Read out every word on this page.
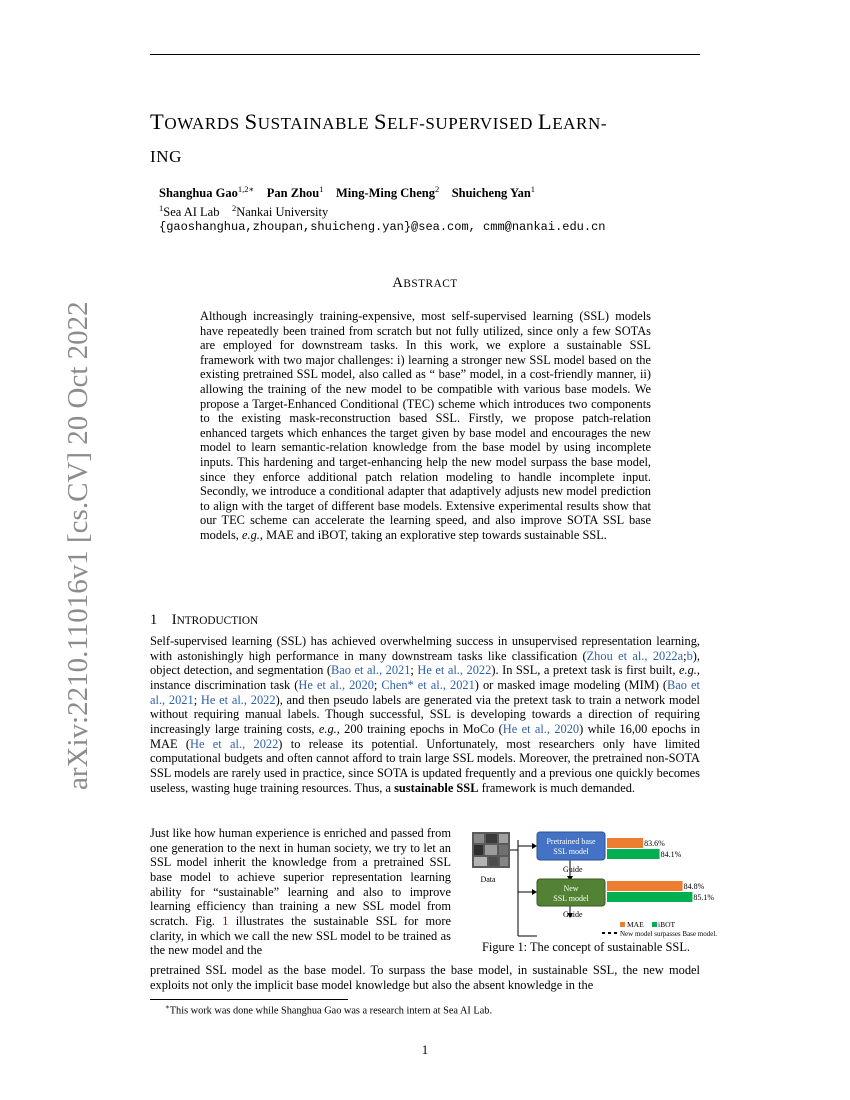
arXiv:2210.11016v1 [cs.CV] 20 Oct 2022
TOWARDS SUSTAINABLE SELF-SUPERVISED LEARN-
ING
Shanghua Gao$^{1,2∗}$ Pan Zhou$^1$ Ming-Ming Cheng$^2$ Shuicheng Yan$^1$
$^1$Sea AI Lab $^2$Nankai University
{gaoshanghua,zhoupan,shuicheng.yan}@sea.com, cmm@nankai.edu.cn
ABSTRACT
Although increasingly training-expensive, most self-supervised learning (SSL) models have repeatedly been trained from scratch but not fully utilized, since only a few SOTAs are employed for downstream tasks. In this work, we explore a sustainable SSL framework with two major challenges: i) learning a stronger new SSL model based on the existing pretrained SSL model, also called as “ base” model, in a cost-friendly manner, ii) allowing the training of the new model to be compatible with various base models. We propose a Target-Enhanced Conditional (TEC) scheme which introduces two components to the existing mask-reconstruction based SSL. Firstly, we propose patch-relation enhanced targets which enhances the target given by base model and encourages the new model to learn semantic-relation knowledge from the base model by using incomplete inputs. This hardening and target-enhancing help the new model surpass the base model, since they enforce additional patch relation modeling to handle incomplete input. Secondly, we introduce a conditional adapter that adaptively adjusts new model prediction to align with the target of different base models. Extensive experimental results show that our TEC scheme can accelerate the learning speed, and also improve SOTA SSL base models, e.g., MAE and iBOT, taking an explorative step towards sustainable SSL.
1 INTRODUCTION
Self-supervised learning (SSL) has achieved overwhelming success in unsupervised representation learning, with astonishingly high performance in many downstream tasks like classification (Zhou et al., 2022a;b), object detection, and segmentation (Bao et al., 2021; He et al., 2022). In SSL, a pretext task is first built, e.g., instance discrimination task (He et al., 2020; Chen* et al., 2021) or masked image modeling (MIM) (Bao et al., 2021; He et al., 2022), and then pseudo labels are generated via the pretext task to train a network model without requiring manual labels. Though successful, SSL is developing towards a direction of requiring increasingly large training costs, e.g., 200 training epochs in MoCo (He et al., 2020) while 16,00 epochs in MAE (He et al., 2022) to release its potential. Unfortunately, most researchers only have limited computational budgets and often cannot afford to train large SSL models. Moreover, the pretrained non-SOTA SSL models are rarely used in practice, since SOTA is updated frequently and a previous one quickly becomes useless, wasting huge training resources. Thus, a sustainable SSL framework is much demanded.
Just like how human experience is enriched and passed from one generation to the next in human society, we try to let an SSL model inherit the knowledge from a pretrained SSL base model to achieve superior representation learning ability for “sustainable” learning and also to improve learning efficiency than training a new SSL model from scratch. Fig. 1 illustrates the sustainable SSL for more clarity, in which we call the new SSL model to be trained as the new model and the
Data
Pretrained base
SSL model
New
SSL model
Guide
Guide
83.6%
84.1%
84.8%
85.1%
MAE iBOT
New model surpasses Base model.
Figure 1: The concept of sustainable SSL.
pretrained SSL model as the base model. To surpass the base model, in sustainable SSL, the new model exploits not only the implicit base model knowledge but also the absent knowledge in the
∗This work was done while Shanghua Gao was a research intern at Sea AI Lab.
1
